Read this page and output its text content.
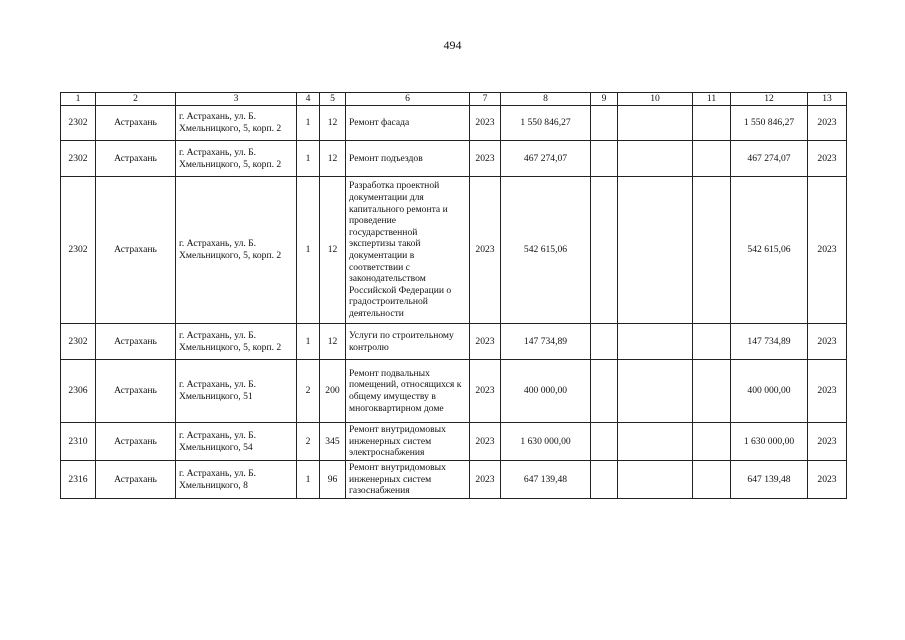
494
1	2	3	4	5	6	7	8	9	10	11	12	13
2302	Астрахань	г. Астрахань, ул. Б. Хмельницкого, 5, корп. 2	1	12	Ремонт фасада	2023	1 550 846,27				1 550 846,27	2023
2302	Астрахань	г. Астрахань, ул. Б. Хмельницкого, 5, корп. 2	1	12	Ремонт подъездов	2023	467 274,07				467 274,07	2023
2302	Астрахань	г. Астрахань, ул. Б. Хмельницкого, 5, корп. 2	1	12	Разработка проектной документации для капитального ремонта и проведение государственной экспертизы такой документации в соответствии с законодательством Российской Федерации о градостроительной деятельности	2023	542 615,06				542 615,06	2023
2302	Астрахань	г. Астрахань, ул. Б. Хмельницкого, 5, корп. 2	1	12	Услуги по строительному контролю	2023	147 734,89				147 734,89	2023
2306	Астрахань	г. Астрахань, ул. Б. Хмельницкого, 51	2	200	Ремонт подвальных помещений, относящихся к общему имуществу в многоквартирном доме	2023	400 000,00				400 000,00	2023
2310	Астрахань	г. Астрахань, ул. Б. Хмельницкого, 54	2	345	Ремонт внутридомовых инженерных систем электроснабжения	2023	1 630 000,00				1 630 000,00	2023
2316	Астрахань	г. Астрахань, ул. Б. Хмельницкого, 8	1	96	Ремонт внутридомовых инженерных систем газоснабжения	2023	647 139,48				647 139,48	2023
